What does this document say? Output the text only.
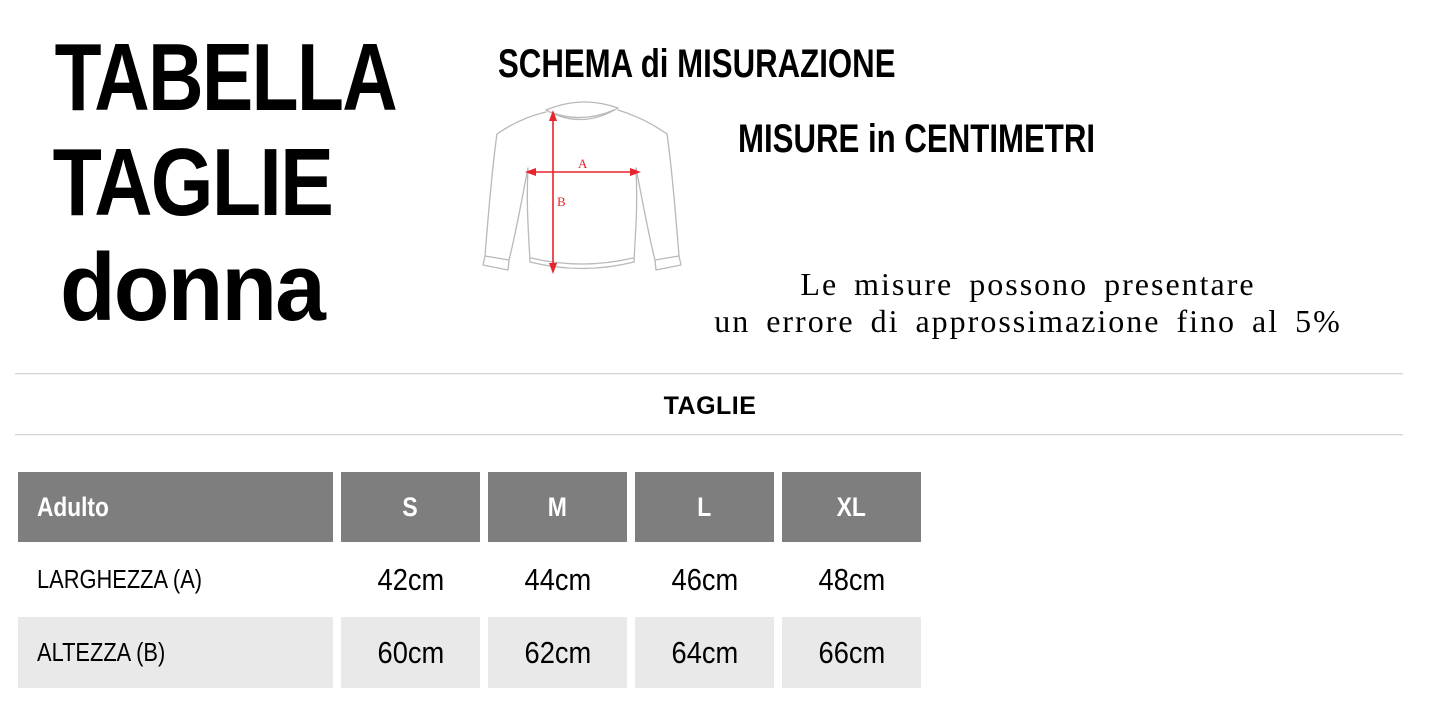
TABELLA
TAGLIE
donna
SCHEMA di MISURAZIONE
MISURE in CENTIMETRI
A
B
Le misure possono presentare
un errore di approssimazione fino al 5%
TAGLIE
Adulto	S	M	L	XL
LARGHEZZA (A)	42cm	44cm	46cm	48cm
ALTEZZA (B)	60cm	62cm	64cm	66cm
